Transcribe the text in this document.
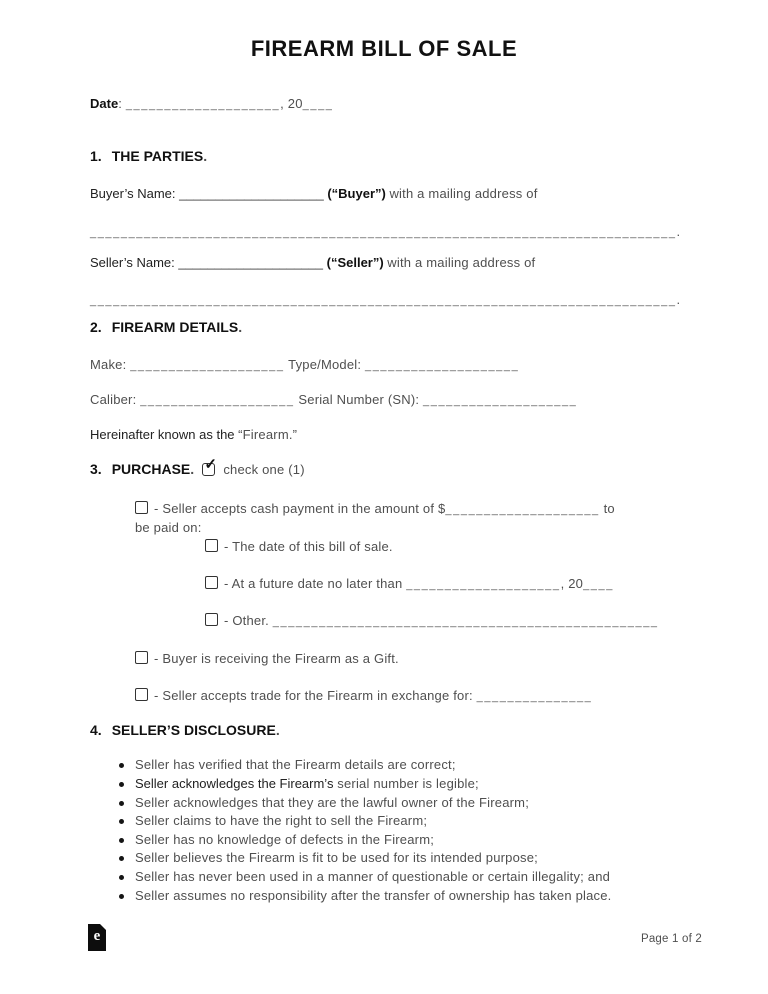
FIREARM BILL OF SALE
Date: ____________________, 20____
1. THE PARTIES.
Buyer’s Name: ____________________ (“Buyer”) with a mailing address of
____________________________________________________________________________.
Seller’s Name: ____________________ (“Seller”) with a mailing address of
____________________________________________________________________________.
2. FIREARM DETAILS.
Make: ____________________ Type/Model: ____________________
Caliber: ____________________ Serial Number (SN): ____________________
Hereinafter known as the “Firearm.”
3. PURCHASE. ✓ check one (1)
- Seller accepts cash payment in the amount of $____________________ to
be paid on:
- The date of this bill of sale.
- At a future date no later than ____________________, 20____
- Other. __________________________________________________
- Buyer is receiving the Firearm as a Gift.
- Seller accepts trade for the Firearm in exchange for: _______________
4. SELLER’S DISCLOSURE.
Seller has verified that the Firearm details are correct;
Seller acknowledges the Firearm’s serial number is legible;
Seller acknowledges that they are the lawful owner of the Firearm;
Seller claims to have the right to sell the Firearm;
Seller has no knowledge of defects in the Firearm;
Seller believes the Firearm is fit to be used for its intended purpose;
Seller has never been used in a manner of questionable or certain illegality; and
Seller assumes no responsibility after the transfer of ownership has taken place.
e	Page 1 of 2
